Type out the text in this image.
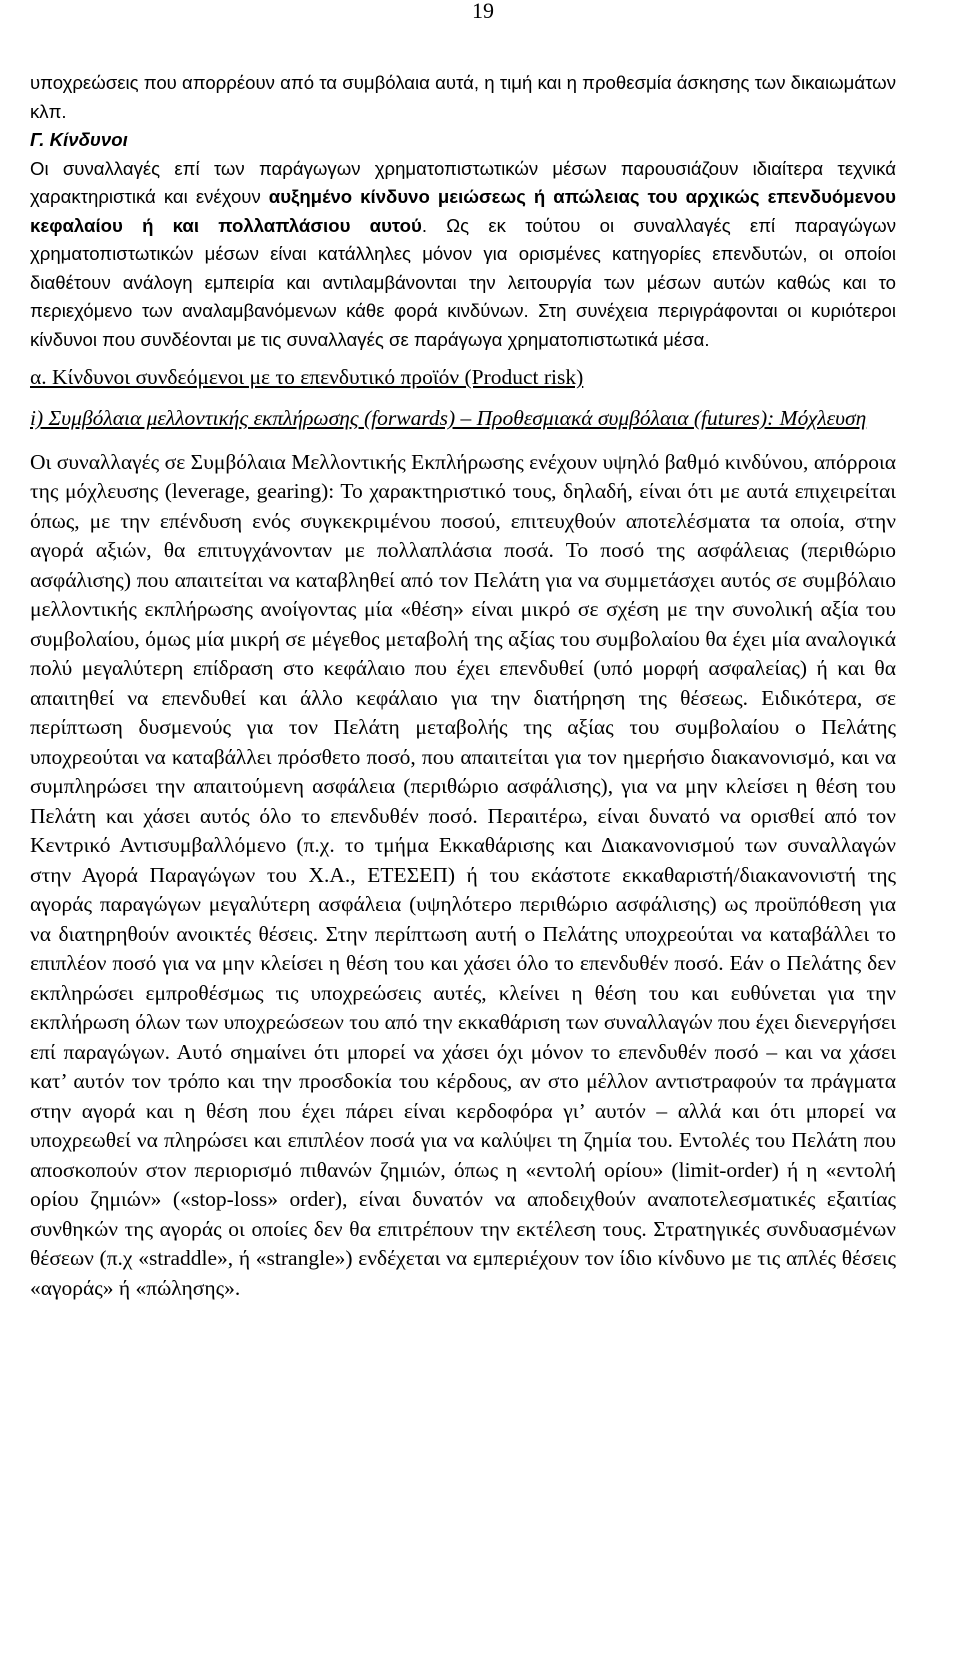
19

υποχρεώσεις που απορρέουν από τα συμβόλαια αυτά, η τιμή και η προθεσμία άσκησης των δικαιωμάτων κλπ.

Γ. Κίνδυνοι

Οι συναλλαγές επί των παράγωγων χρηματοπιστωτικών μέσων παρουσιάζουν ιδιαίτερα τεχνικά χαρακτηριστικά και ενέχουν αυξημένο κίνδυνο μειώσεως ή απώλειας του αρχικώς επενδυόμενου κεφαλαίου ή και πολλαπλάσιου αυτού. Ως εκ τούτου οι συναλλαγές επί παραγώγων χρηματοπιστωτικών μέσων είναι κατάλληλες μόνον για ορισμένες κατηγορίες επενδυτών, οι οποίοι διαθέτουν ανάλογη εμπειρία και αντιλαμβάνονται την λειτουργία των μέσων αυτών καθώς και το περιεχόμενο των αναλαμβανόμενων κάθε φορά κινδύνων. Στη συνέχεια περιγράφονται οι κυριότεροι κίνδυνοι που συνδέονται με τις συναλλαγές σε παράγωγα χρηματοπιστωτικά μέσα.

α. Κίνδυνοι συνδεόμενοι με το επενδυτικό προϊόν (Product risk)

i) Συμβόλαια μελλοντικής εκπλήρωσης (forwards) – Προθεσμιακά συμβόλαια (futures): Μόχλευση

Οι συναλλαγές σε Συμβόλαια Μελλοντικής Εκπλήρωσης ενέχουν υψηλό βαθμό κινδύνου, απόρροια της μόχλευσης (leverage, gearing): Το χαρακτηριστικό τους, δηλαδή, είναι ότι με αυτά επιχειρείται όπως, με την επένδυση ενός συγκεκριμένου ποσού, επιτευχθούν αποτελέσματα τα οποία, στην αγορά αξιών, θα επιτυγχάνονταν με πολλαπλάσια ποσά. Το ποσό της ασφάλειας (περιθώριο ασφάλισης) που απαιτείται να καταβληθεί από τον Πελάτη για να συμμετάσχει αυτός σε συμβόλαιο μελλοντικής εκπλήρωσης ανοίγοντας μία «θέση» είναι μικρό σε σχέση με την συνολική αξία του συμβολαίου, όμως μία μικρή σε μέγεθος μεταβολή της αξίας του συμβολαίου θα έχει μία αναλογικά πολύ μεγαλύτερη επίδραση στο κεφάλαιο που έχει επενδυθεί (υπό μορφή ασφαλείας) ή και θα απαιτηθεί να επενδυθεί και άλλο κεφάλαιο για την διατήρηση της θέσεως. Ειδικότερα, σε περίπτωση δυσμενούς για τον Πελάτη μεταβολής της αξίας του συμβολαίου ο Πελάτης υποχρεούται να καταβάλλει πρόσθετο ποσό, που απαιτείται για τον ημερήσιο διακανονισμό, και να συμπληρώσει την απαιτούμενη ασφάλεια (περιθώριο ασφάλισης), για να μην κλείσει η θέση του Πελάτη και χάσει αυτός όλο το επενδυθέν ποσό. Περαιτέρω, είναι δυνατό να ορισθεί από τον Κεντρικό Αντισυμβαλλόμενο (π.χ. το τμήμα Εκκαθάρισης και Διακανονισμού των συναλλαγών στην Αγορά Παραγώγων του Χ.Α., ΕΤΕΣΕΠ) ή του εκάστοτε εκκαθαριστή/διακανονιστή της αγοράς παραγώγων μεγαλύτερη ασφάλεια (υψηλότερο περιθώριο ασφάλισης) ως προϋπόθεση για να διατηρηθούν ανοικτές θέσεις. Στην περίπτωση αυτή ο Πελάτης υποχρεούται να καταβάλλει το επιπλέον ποσό για να μην κλείσει η θέση του και χάσει όλο το επενδυθέν ποσό. Εάν ο Πελάτης δεν εκπληρώσει εμπροθέσμως τις υποχρεώσεις αυτές, κλείνει η θέση του και ευθύνεται για την εκπλήρωση όλων των υποχρεώσεων του από την εκκαθάριση των συναλλαγών που έχει διενεργήσει επί παραγώγων. Αυτό σημαίνει ότι μπορεί να χάσει όχι μόνον το επενδυθέν ποσό – και να χάσει κατ’ αυτόν τον τρόπο και την προσδοκία του κέρδους, αν στο μέλλον αντιστραφούν τα πράγματα στην αγορά και η θέση που έχει πάρει είναι κερδοφόρα γι’ αυτόν – αλλά και ότι μπορεί να υποχρεωθεί να πληρώσει και επιπλέον ποσά για να καλύψει τη ζημία του. Εντολές του Πελάτη που αποσκοπούν στον περιορισμό πιθανών ζημιών, όπως η «εντολή ορίου» (limit-order) ή η «εντολή ορίου ζημιών» («stop-loss» order), είναι δυνατόν να αποδειχθούν αναποτελεσματικές εξαιτίας συνθηκών της αγοράς οι οποίες δεν θα επιτρέπουν την εκτέλεση τους. Στρατηγικές συνδυασμένων θέσεων (π.χ «straddle», ή «strangle») ενδέχεται να εμπεριέχουν τον ίδιο κίνδυνο με τις απλές θέσεις «αγοράς» ή «πώλησης».
